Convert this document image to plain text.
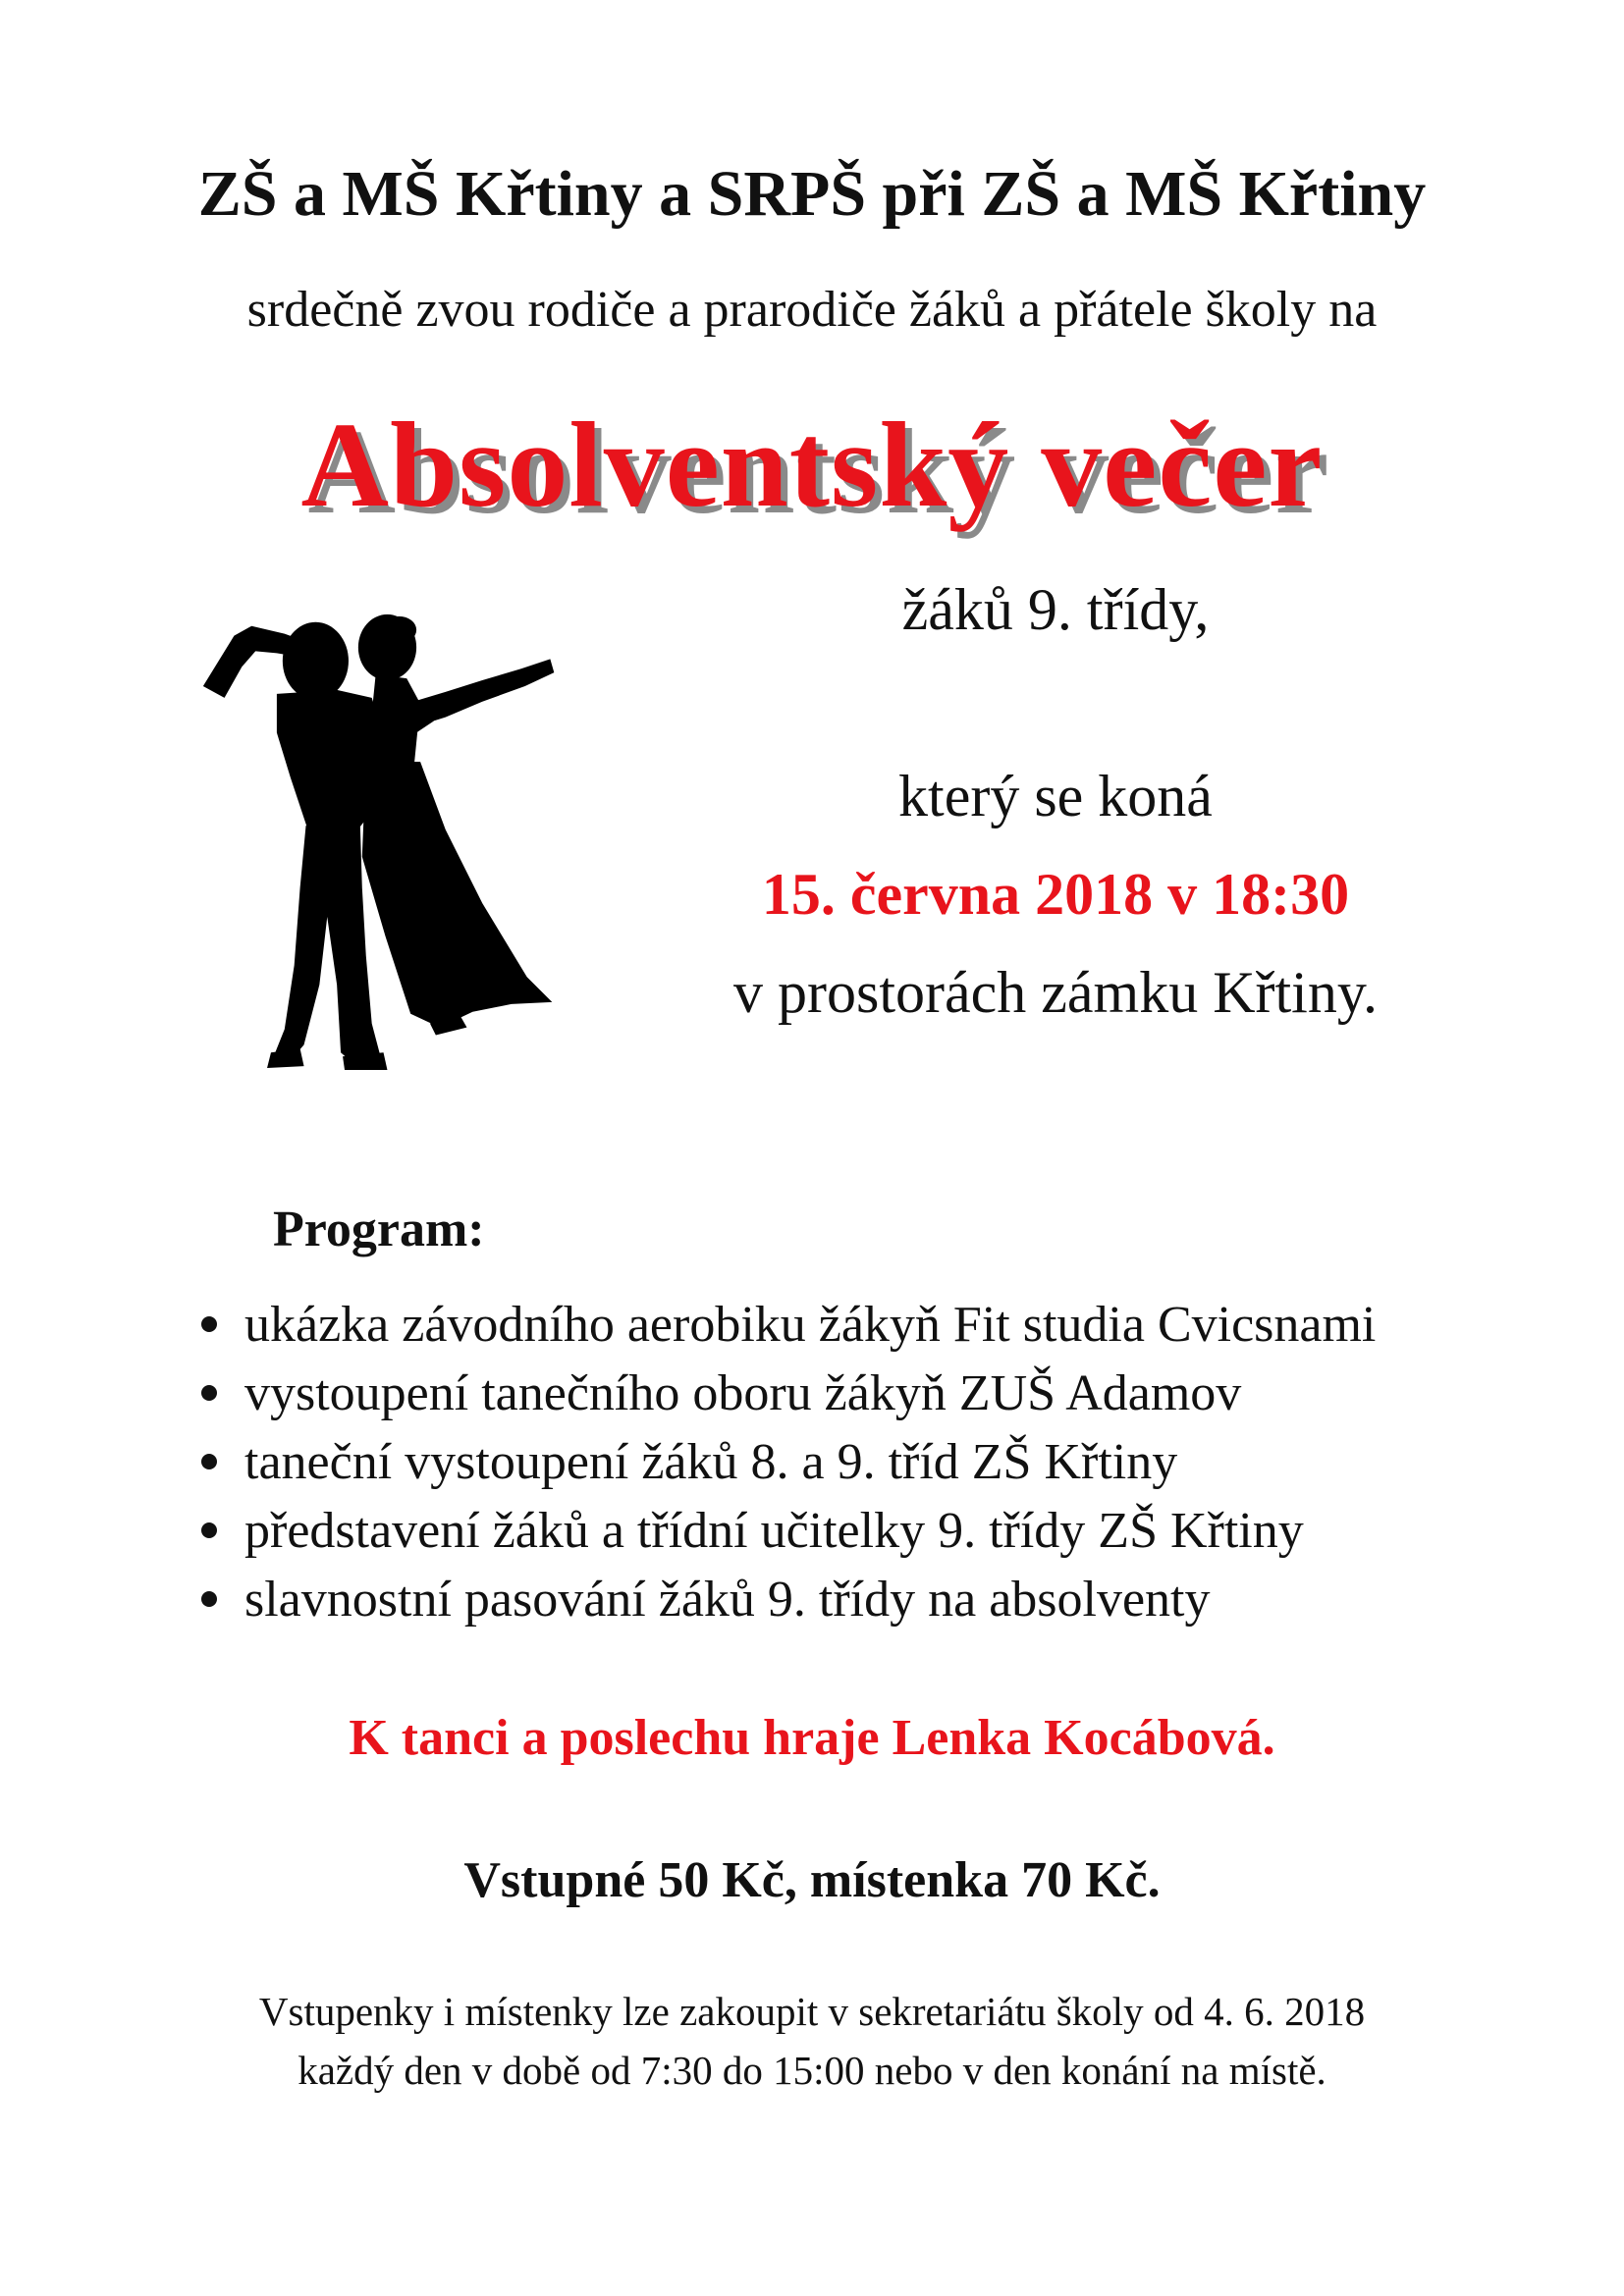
ZŠ a MŠ Křtiny a SRPŠ při ZŠ a MŠ Křtiny
srdečně zvou rodiče a prarodiče žáků a přátele školy na
Absolventský večer
žáků 9. třídy,
který se koná
15. června 2018 v 18:30
v prostorách zámku Křtiny.
Program:
ukázka závodního aerobiku žákyň Fit studia Cvicsnami
vystoupení tanečního oboru žákyň ZUŠ Adamov
taneční vystoupení žáků 8. a 9. tříd ZŠ Křtiny
představení žáků a třídní učitelky 9. třídy ZŠ Křtiny
slavnostní pasování žáků 9. třídy na absolventy
K tanci a poslechu hraje Lenka Kocábová.
Vstupné 50 Kč, místenka 70 Kč.
Vstupenky i místenky lze zakoupit v sekretariátu školy od 4. 6. 2018
každý den v době od 7:30 do 15:00 nebo v den konání na místě.
